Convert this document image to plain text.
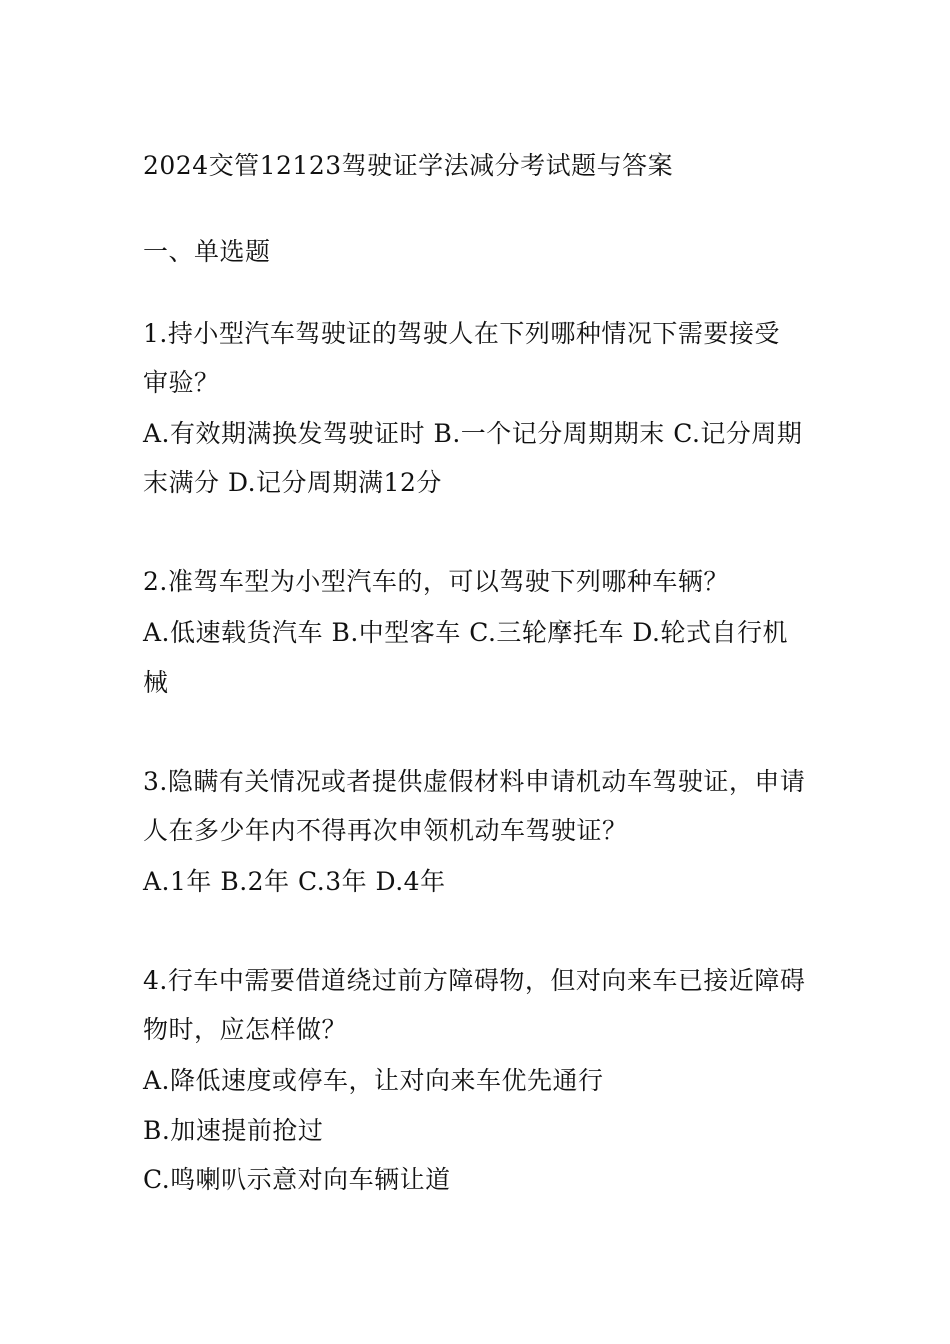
2024交管12123驾驶证学法减分考试题与答案
一、单选题
1.持小型汽车驾驶证的驾驶人在下列哪种情况下需要接受
审验？
A.有效期满换发驾驶证时 B.一个记分周期期末 C.记分周期
末满分 D.记分周期满12分
2.准驾车型为小型汽车的，可以驾驶下列哪种车辆？
A.低速载货汽车 B.中型客车 C.三轮摩托车 D.轮式自行机
械
3.隐瞒有关情况或者提供虚假材料申请机动车驾驶证，申请
人在多少年内不得再次申领机动车驾驶证？
A.1年 B.2年 C.3年 D.4年
4.行车中需要借道绕过前方障碍物，但对向来车已接近障碍
物时，应怎样做？
A.降低速度或停车，让对向来车优先通行
B.加速提前抢过
C.鸣喇叭示意对向车辆让道
